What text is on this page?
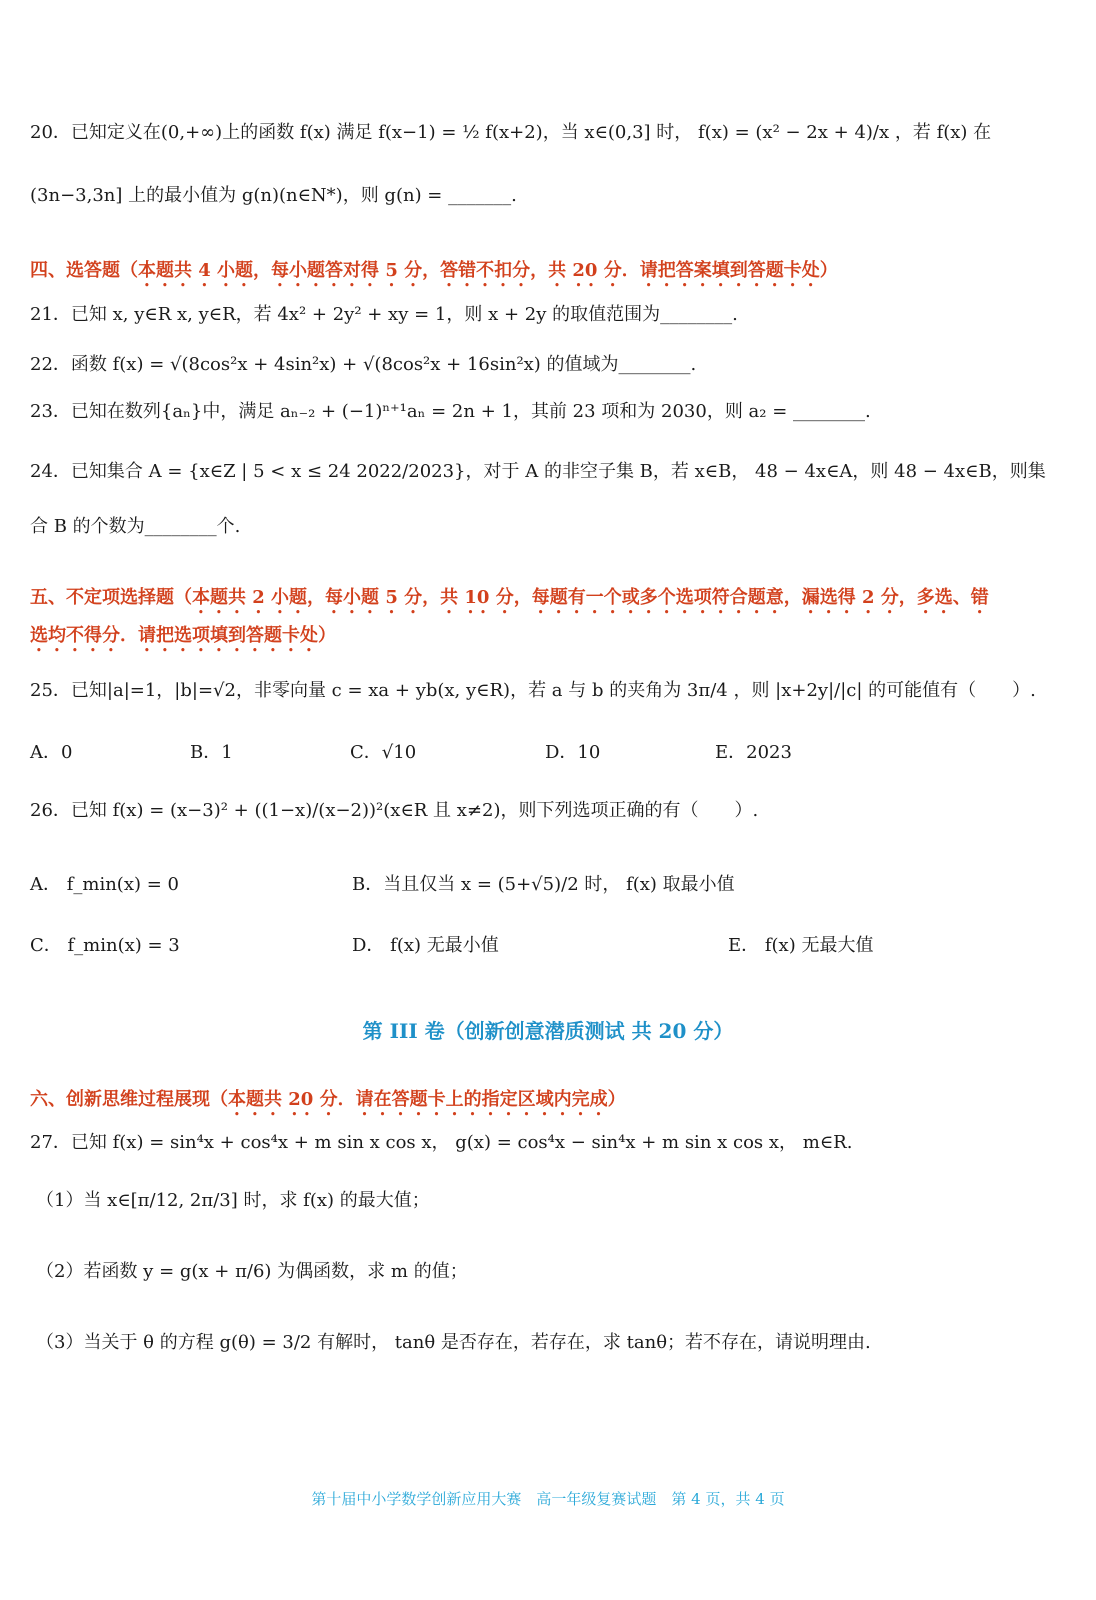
20．已知定义在(0,+∞)上的函数 f(x) 满足 f(x−1) = ½ f(x+2)，当 x∈(0,3] 时， f(x) = (x² − 2x + 4)/x ，若 f(x) 在
(3n−3,3n] 上的最小值为 g(n)(n∈N*)，则 g(n) = _______.
四、选答题（本题共 4 小题，每小题答对得 5 分，答错不扣分，共 20 分．请把答案填到答题卡处）
21．已知 x, y∈R x, y∈R，若 4x² + 2y² + xy = 1，则 x + 2y 的取值范围为________.
22．函数 f(x) = √(8cos²x + 4sin²x) + √(8cos²x + 16sin²x) 的值域为________.
23．已知在数列{aₙ}中，满足 aₙ₋₂ + (−1)ⁿ⁺¹aₙ = 2n + 1，其前 23 项和为 2030，则 a₂ = ________.
24．已知集合 A = {x∈Z | 5 < x ≤ 24 2022/2023}，对于 A 的非空子集 B，若 x∈B， 48 − 4x∈A，则 48 − 4x∈B，则集
合 B 的个数为________个.
五、不定项选择题（本题共 2 小题，每小题 5 分，共 10 分，每题有一个或多个选项符合题意，漏选得 2 分，多选、错
选均不得分．请把选项填到答题卡处）
25．已知|a|=1，|b|=√2，非零向量 c = xa + yb(x, y∈R)，若 a 与 b 的夹角为 3π/4 ，则 |x+2y|/|c| 的可能值有（　　）.
A．0	B．1	C．√10	D．10	E．2023
26．已知 f(x) = (x−3)² + ((1−x)/(x−2))²(x∈R 且 x≠2)，则下列选项正确的有（　　）.
A． f_min(x) = 0	B．当且仅当 x = (5+√5)/2 时， f(x) 取最小值
C． f_min(x) = 3	D． f(x) 无最小值	E． f(x) 无最大值
第 III 卷（创新创意潜质测试 共 20 分）
六、创新思维过程展现（本题共 20 分．请在答题卡上的指定区域内完成）
27．已知 f(x) = sin⁴x + cos⁴x + m sin x cos x， g(x) = cos⁴x − sin⁴x + m sin x cos x， m∈R.
（1）当 x∈[π/12, 2π/3] 时，求 f(x) 的最大值；
（2）若函数 y = g(x + π/6) 为偶函数，求 m 的值；
（3）当关于 θ 的方程 g(θ) = 3/2 有解时， tanθ 是否存在，若存在，求 tanθ；若不存在，请说明理由.
第十届中小学数学创新应用大赛　高一年级复赛试题　第 4 页，共 4 页
